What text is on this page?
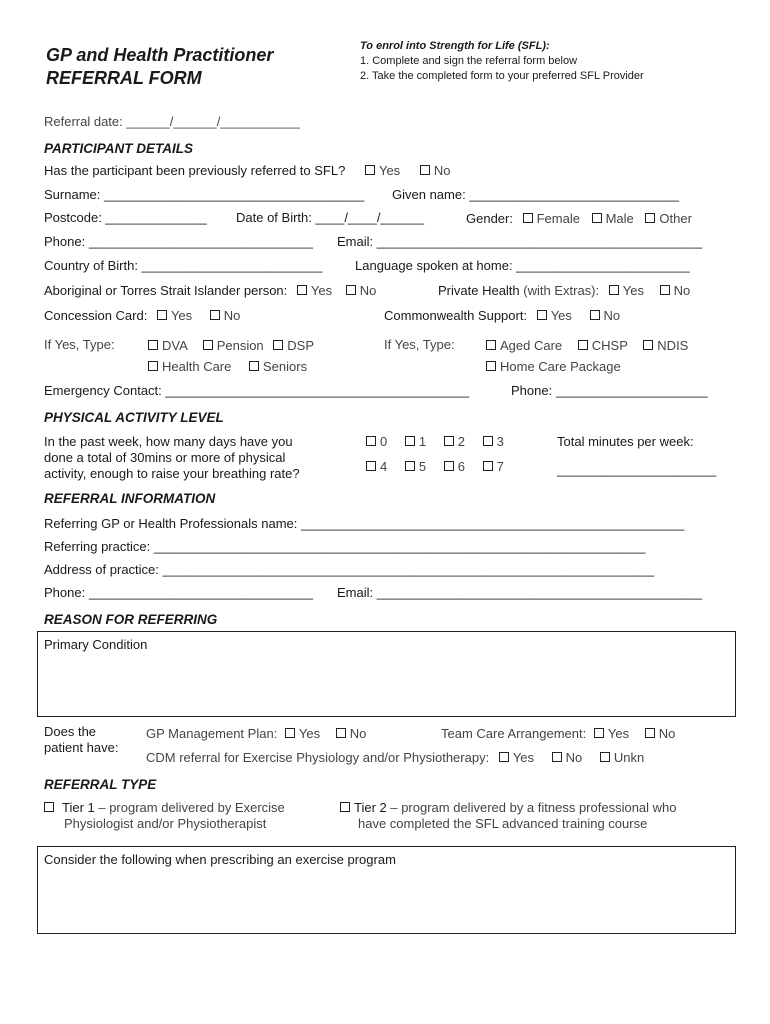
GP and Health Practitioner
REFERRAL FORM
To enrol into Strength for Life (SFL):
1. Complete and sign the referral form below
2. Take the completed form to your preferred SFL Provider
Referral date: ______/______/___________
PARTICIPANT DETAILS
Has the participant been previously referred to SFL?	Yes	No
Surname: ____________________________________ Given name: _____________________________
Postcode: ______________ Date of Birth: ____/____/______	Gender: Female Male Other
Phone: _______________________________ Email: _____________________________________________
Country of Birth: _________________________	Language spoken at home: ________________________
Aboriginal or Torres Strait Islander person: Yes No	Private Health (with Extras): Yes No
Concession Card: Yes No	Commonwealth Support: Yes No
If Yes, Type:	DVA Pension DSP
Health Care Seniors
If Yes, Type:	Aged Care CHSP NDIS
Home Care Package
Emergency Contact: __________________________________________	Phone: _____________________
PHYSICAL ACTIVITY LEVEL
In the past week, how many days have you
done a total of 30mins or more of physical
activity, enough to raise your breathing rate?
0 1 2 3
4 5 6 7
Total minutes per week:
______________________
REFERRAL INFORMATION
Referring GP or Health Professionals name: _____________________________________________________
Referring practice: ____________________________________________________________________
Address of practice: ____________________________________________________________________
Phone: _______________________________ Email: _____________________________________________
REASON FOR REFERRING
Primary Condition
Does the
patient have:
GP Management Plan: Yes No	Team Care Arrangement: Yes No
CDM referral for Exercise Physiology and/or Physiotherapy: Yes No Unkn
REFERRAL TYPE
Tier 1 – program delivered by Exercise
Physiologist and/or Physiotherapist
Tier 2 – program delivered by a fitness professional who
have completed the SFL advanced training course
Consider the following when prescribing an exercise program
